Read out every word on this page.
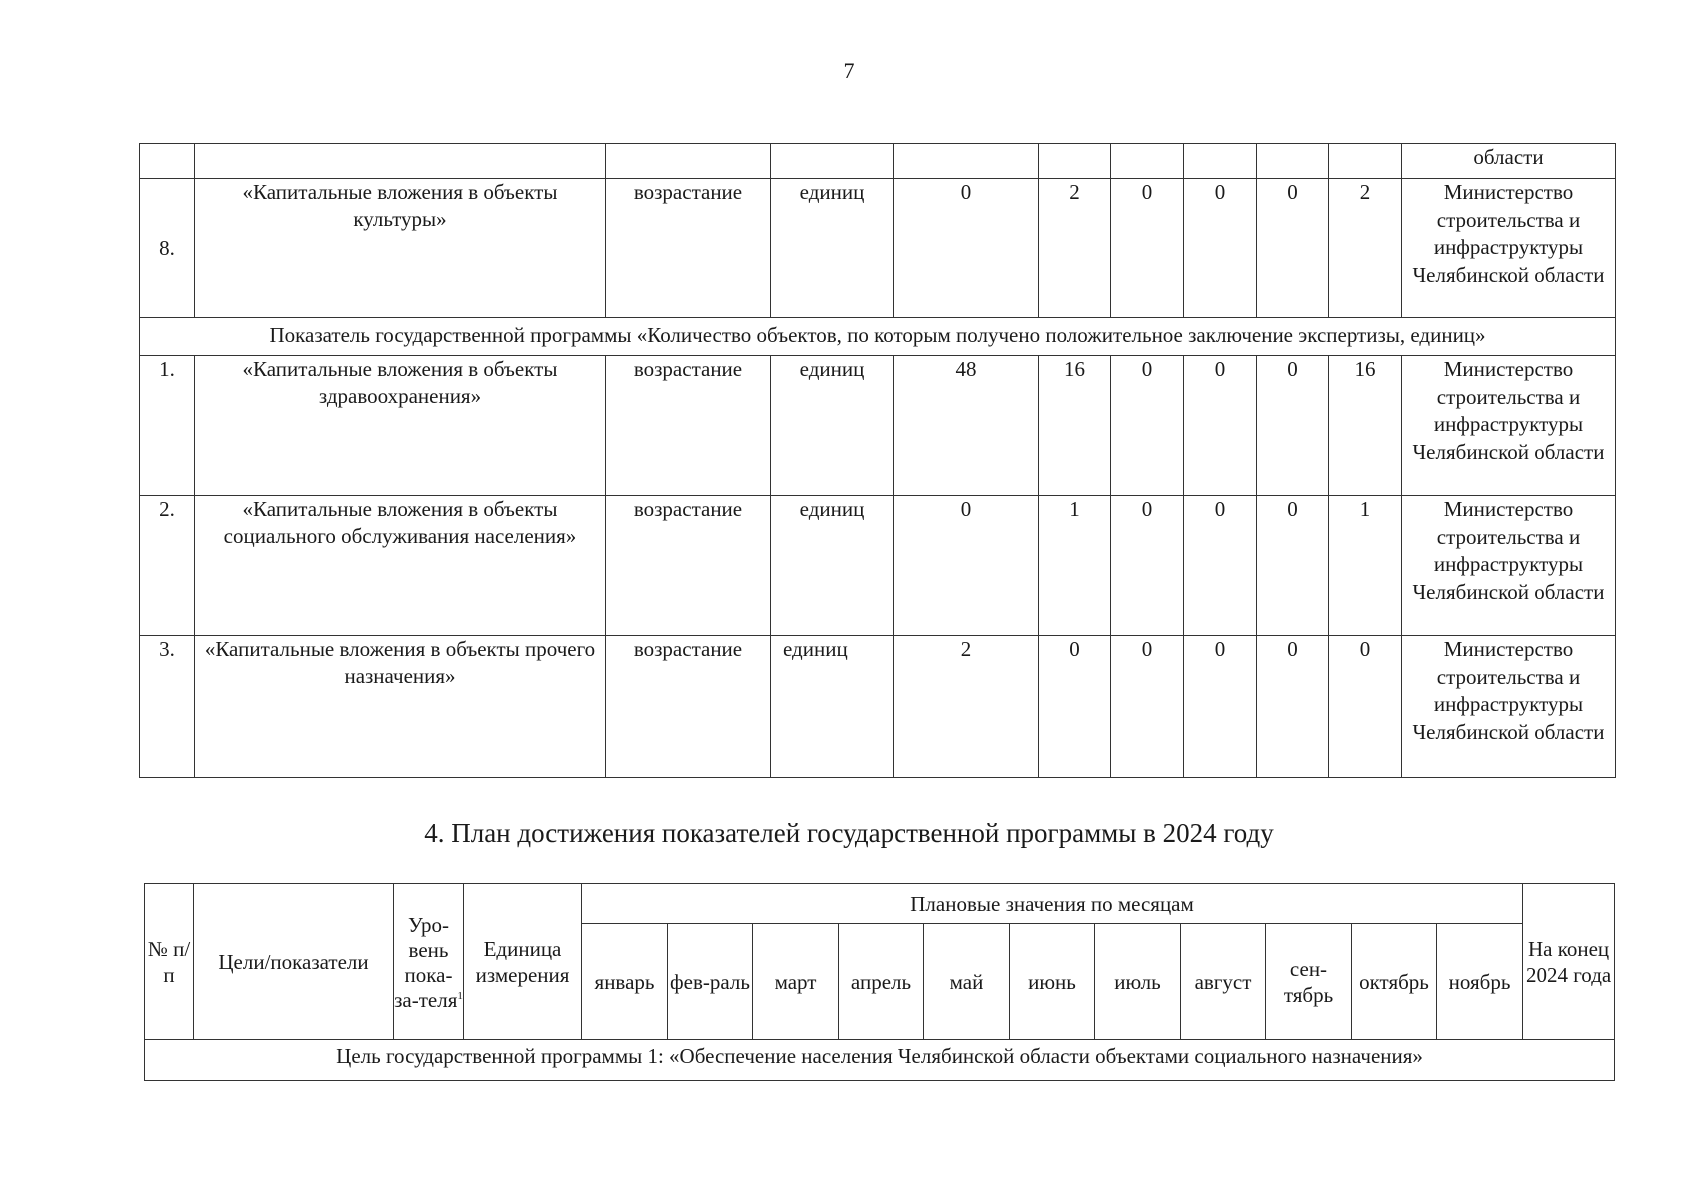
7
										области
8.	«Капитальные вложения в объекты культуры»	возрастание	единиц	0	2	0	0	0	2	Министерство строительства и инфраструктуры Челябинской области
Показатель государственной программы «Количество объектов, по которым получено положительное заключение экспертизы, единиц»										
1.	«Капитальные вложения в объекты здравоохранения»	возрастание	единиц	48	16	0	0	0	16	Министерство строительства и инфраструктуры Челябинской области
2.	«Капитальные вложения в объекты социального обслуживания населения»	возрастание	единиц	0	1	0	0	0	1	Министерство строительства и инфраструктуры Челябинской области
3.	«Капитальные вложения в объекты прочего назначения»	возрастание	единиц	2	0	0	0	0	0	Министерство строительства и инфраструктуры Челябинской области
4. План достижения показателей государственной программы в 2024 году
№ п/п	Цели/показатели	Уро-вень пока-за-теля$^1$	Единица измерения	Плановые значения по месяцам											На конец 2024 года
				январь	фев-раль	март	апрель	май	июнь	июль	август	сен-тябрь	октябрь	ноябрь	
Цель государственной программы 1: «Обеспечение населения Челябинской области объектами социального назначения»															
